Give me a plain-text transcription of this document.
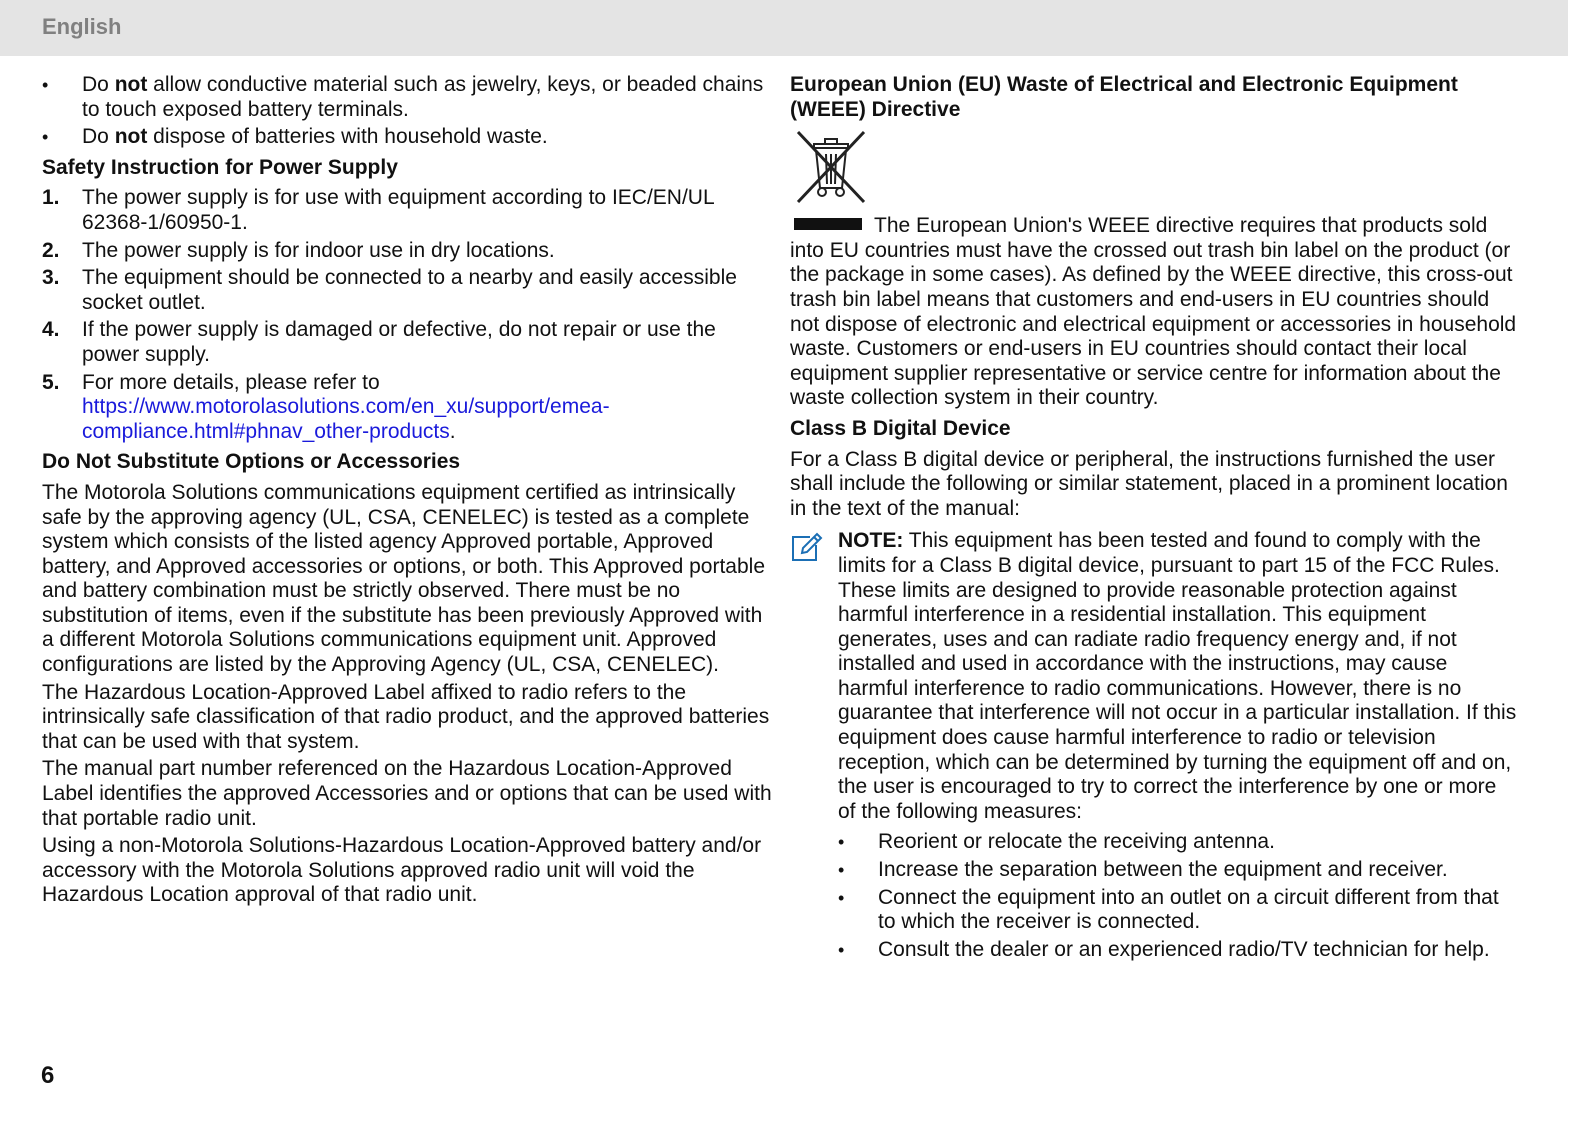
English
• Do not allow conductive material such as jewelry, keys, or beaded chains to touch exposed battery terminals.
• Do not dispose of batteries with household waste.
Safety Instruction for Power Supply
1. The power supply is for use with equipment according to IEC/EN/UL 62368-1/60950-1.
2. The power supply is for indoor use in dry locations.
3. The equipment should be connected to a nearby and easily accessible socket outlet.
4. If the power supply is damaged or defective, do not repair or use the power supply.
5. For more details, please refer to https://www.motorolasolutions.com/en_xu/support/emea-compliance.html#phnav_other-products.
Do Not Substitute Options or Accessories

The Motorola Solutions communications equipment certified as intrinsically safe by the approving agency (UL, CSA, CENELEC) is tested as a complete system which consists of the listed agency Approved portable, Approved battery, and Approved accessories or options, or both. This Approved portable and battery combination must be strictly observed. There must be no substitution of items, even if the substitute has been previously Approved with a different Motorola Solutions communications equipment unit. Approved configurations are listed by the Approving Agency (UL, CSA, CENELEC).

The Hazardous Location-Approved Label affixed to radio refers to the intrinsically safe classification of that radio product, and the approved batteries that can be used with that system.

The manual part number referenced on the Hazardous Location-Approved Label identifies the approved Accessories and or options that can be used with that portable radio unit.

Using a non-Motorola Solutions-Hazardous Location-Approved battery and/or accessory with the Motorola Solutions approved radio unit will void the Hazardous Location approval of that radio unit.

European Union (EU) Waste of Electrical and Electronic Equipment (WEEE) Directive

The European Union's WEEE directive requires that products sold into EU countries must have the crossed out trash bin label on the product (or the package in some cases). As defined by the WEEE directive, this cross-out trash bin label means that customers and end-users in EU countries should not dispose of electronic and electrical equipment or accessories in household waste. Customers or end-users in EU countries should contact their local equipment supplier representative or service centre for information about the waste collection system in their country.

Class B Digital Device

For a Class B digital device or peripheral, the instructions furnished the user shall include the following or similar statement, placed in a prominent location in the text of the manual:

NOTE: This equipment has been tested and found to comply with the limits for a Class B digital device, pursuant to part 15 of the FCC Rules. These limits are designed to provide reasonable protection against harmful interference in a residential installation. This equipment generates, uses and can radiate radio frequency energy and, if not installed and used in accordance with the instructions, may cause harmful interference to radio communications. However, there is no guarantee that interference will not occur in a particular installation. If this equipment does cause harmful interference to radio or television reception, which can be determined by turning the equipment off and on, the user is encouraged to try to correct the interference by one or more of the following measures:

• Reorient or relocate the receiving antenna.
• Increase the separation between the equipment and receiver.
• Connect the equipment into an outlet on a circuit different from that to which the receiver is connected.
• Consult the dealer or an experienced radio/TV technician for help.
6
